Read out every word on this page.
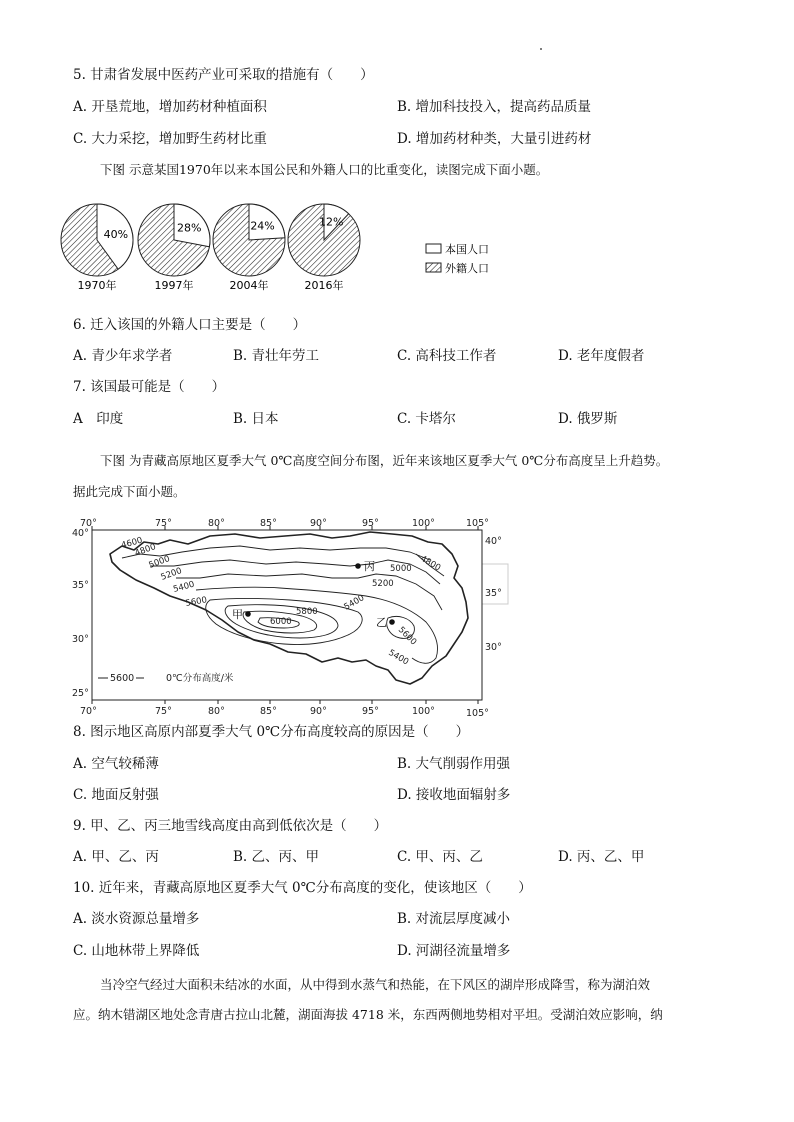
5. 甘肃省发展中医药产业可采取的措施有（　　）
A. 开垦荒地，增加药材种植面积	B. 增加科技投入，提高药品质量
C. 大力采挖，增加野生药材比重	D. 增加药材种类，大量引进药材
下图 示意某国1970年以来本国公民和外籍人口的比重变化，读图完成下面小题。
40%
1970年
28%
1997年
24%
2004年
12%
2016年
本国人口
外籍人口
6. 迁入该国的外籍人口主要是（　　）
A. 青少年求学者	B. 青壮年劳工	C. 高科技工作者	D. 老年度假者
7. 该国最可能是（　　）
A　印度	B. 日本	C. 卡塔尔	D. 俄罗斯
下图 为青藏高原地区夏季大气 0℃高度空间分布图，近年来该地区夏季大气 0℃分布高度呈上升趋势。
据此完成下面小题。
70°	75°	80°	85°	90°	95°	100°	105°
70°	75°	80°	85°	90°	95°	100°	105°
40°
35°
30°
25°
40°
35°
30°
4600
4800
5000
5200
5400
5600
5800
6000
4800
5000
5200
5400
5600
5400
甲
乙
丙
5600	0℃分布高度/米
8. 图示地区高原内部夏季大气 0℃分布高度较高的原因是（　　）
A. 空气较稀薄	B. 大气削弱作用强
C. 地面反射强	D. 接收地面辐射多
9. 甲、乙、丙三地雪线高度由高到低依次是（　　）
A. 甲、乙、丙	B. 乙、丙、甲	C. 甲、丙、乙	D. 丙、乙、甲
10. 近年来，青藏高原地区夏季大气 0℃分布高度的变化，使该地区（　　）
A. 淡水资源总量增多	B. 对流层厚度减小
C. 山地林带上界降低	D. 河湖径流量增多
当冷空气经过大面积未结冰的水面，从中得到水蒸气和热能，在下风区的湖岸形成降雪，称为湖泊效
应。纳木错湖区地处念青唐古拉山北麓，湖面海拔 4718 米，东西两侧地势相对平坦。受湖泊效应影响，纳
